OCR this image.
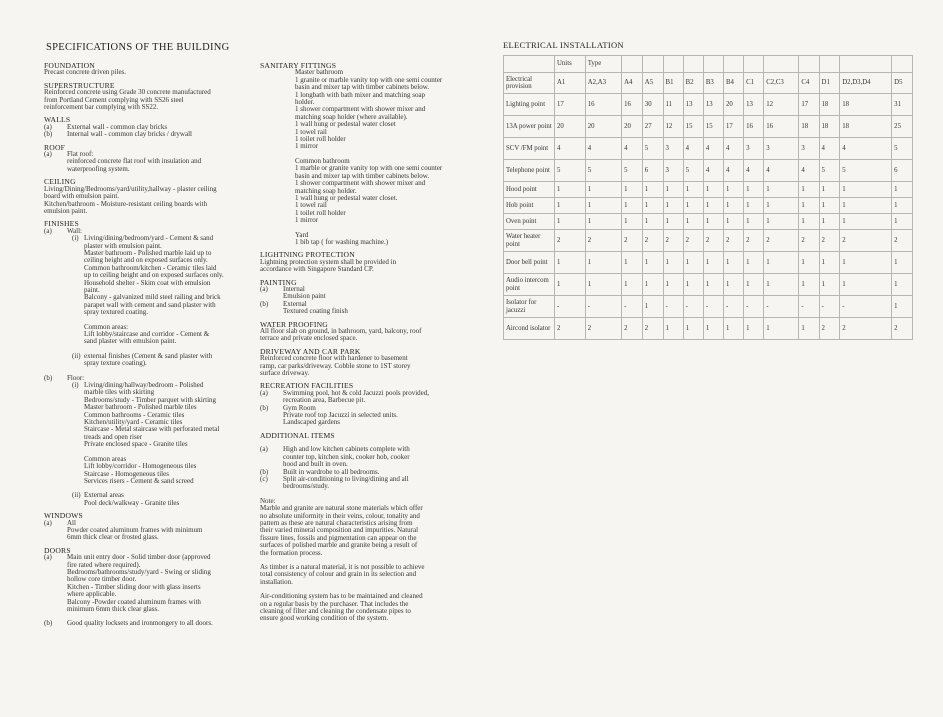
SPECIFICATIONS OF THE BUILDING
FOUNDATION
Precast concrete driven piles.
SUPERSTRUCTURE
Reinforced concrete using Grade 30 concrete manufactured
from Portland Cement complying with SS26 steel
reinforcement bar complying with SS22.
WALLS
(a) External wall - common clay bricks
(b) Internal wall - common clay bricks / drywall
ROOF
(a) Flat roof:
reinforced concrete flat roof with insulation and
waterproofing system.
CEILING
Living/Dining/Bedrooms/yard/utility,hallway - plaster ceiling
board with emulsion paint.
Kitchen/bathroom - Moisture-resistant ceiling boards with
emulsion paint.
FINISHES
(a) Wall:
(i) Living/dining/bedroom/yard - Cement & sand
plaster with emulsion paint.
Master bathroom - Polished marble laid up to
ceiling height and on exposed surfaces only.
Common bathroom/kitchen - Ceramic tiles laid
up to ceiling height and on exposed surfaces only.
Household shelter - Skim coat with emulsion
paint.
Balcony - galvanized mild steel railing and brick
parapet wall with cement and sand plaster with
spray textured coating.
Common areas:
Lift lobby/staircase and corridor - Cement &
sand plaster with emulsion paint.
(ii) external finishes (Cement & sand plaster with
spray texture coating).
(b) Floor:
(i) Living/dining/hallway/bedroom - Polished
marble tiles with skirting
Bedrooms/study - Timber parquet with skirting
Master bathroom - Polished marble tiles
Common bathrooms - Ceramic tiles
Kitchen/utility/yard - Ceramic tiles
Staircase - Metal staircase with perforated metal
treads and open riser
Private enclosed space - Granite tiles
Common areas
Lift lobby/corridor - Homogeneous tiles
Staircase - Homogeneous tiles
Services risers - Cement & sand screed
(ii) External areas
Pool deck/walkway - Granite tiles
WINDOWS
(a) All
Powder coated aluminum frames with minimum
6mm thick clear or frosted glass.
DOORS
(a) Main unit entry door - Solid timber door (approved
fire rated where required).
Bedrooms/bathrooms/study/yard - Swing or sliding
hollow core timber door.
Kitchen - Timber sliding door with glass inserts
where applicable.
Balcony -Powder coated aluminum frames with
minimum 6mm thick clear glass.
(b) Good quality locksets and ironmongery to all doors.
SANITARY FITTINGS
Master bathroom
1 granite or marble vanity top with one semi counter
basin and mixer tap with timber cabinets below.
1 longbath with bath mixer and matching soap
holder.
1 shower compartment with shower mixer and
matching soap holder (where available).
1 wall hung or pedestal water closet
1 towel rail
1 toilet roll holder
1 mirror
Common bathroom
1 marble or granite vanity top with one semi counter
basin and mixer tap with timber cabinets below.
1 shower compartment with shower mixer and
matching soap holder.
1 wall hung or pedestal water closet.
1 towel rail
1 toilet roll holder
1 mirror
Yard
1 bib tap ( for washing machine.)
LIGHTNING PROTECTION
Lightning protection system shall be provided in
accordance with Singapore Standard CP.
PAINTING
(a) Internal
Emulsion paint
(b) External
Textured coating finish
WATER PROOFING
All floor slab on ground, in bathroom, yard, balcony, roof
terrace and private enclosed space.
DRIVEWAY AND CAR PARK
Reinforced concrete floor with hardener to basement
ramp, car parks/driveway. Cobble stone to 1ST storey
surface driveway.
RECREATION FACILITIES
(a) Swimming pool, hot & cold Jacuzzi pools provided,
recreation area, Barbecue pit.
(b) Gym Room
Private roof top Jacuzzi in selected units.
Landscaped gardens
ADDITIONAL ITEMS
(a) High and low kitchen cabinets complete with
counter top, kitchen sink, cooker hob, cooker
hood and built in oven.
(b) Built in wardrobe to all bedrooms.
(c) Split air-conditioning to living/dining and all
bedrooms/study.
Note:
Marble and granite are natural stone materials which offer
no absolute uniformity in their veins, colour, tonality and
pattern as these are natural characteristics arising from
their varied mineral composition and impurities. Natural
fissure lines, fossils and pigmentation can appear on the
surfaces of polished marble and granite being a result of
the formation process.
As timber is a natural material, it is not possible to achieve
total consistency of colour and grain in its selection and
installation.
Air-conditioning system has to be maintained and cleaned
on a regular basis by the purchaser. That includes the
cleaning of filter and cleaning the condensate pipes to
ensure good working condition of the system.
ELECTRICAL INSTALLATION
	Units	Type												
Electrical provision	A1	A2,A3	A4	A5	B1	B2	B3	B4	C1	C2,C3	C4	D1	D2,D3,D4	D5
Lighting point	17	16	16	30	11	13	13	20	13	12	17	18	18	31
13A power point	20	20	20	27	12	15	15	17	16	16	18	18	18	25
SCV /FM point	4	4	4	5	3	4	4	4	3	3	3	4	4	5
Telephone point	5	5	5	6	3	5	4	4	4	4	4	5	5	6
Hood point	1	1	1	1	1	1	1	1	1	1	1	1	1	1
Hob point	1	1	1	1	1	1	1	1	1	1	1	1	1	1
Oven point	1	1	1	1	1	1	1	1	1	1	1	1	1	1
Water heater point	2	2	2	2	2	2	2	2	2	2	2	2	2	2
Door bell point	1	1	1	1	1	1	1	1	1	1	1	1	1	1
Audio intercom point	1	1	1	1	1	1	1	1	1	1	1	1	1	1
Isolator for jacuzzi	-	-	-	1	-	-	-	-	-	-	-	-	-	1
Aircond isolator	2	2	2	2	1	1	1	1	1	1	1	2	2	2
